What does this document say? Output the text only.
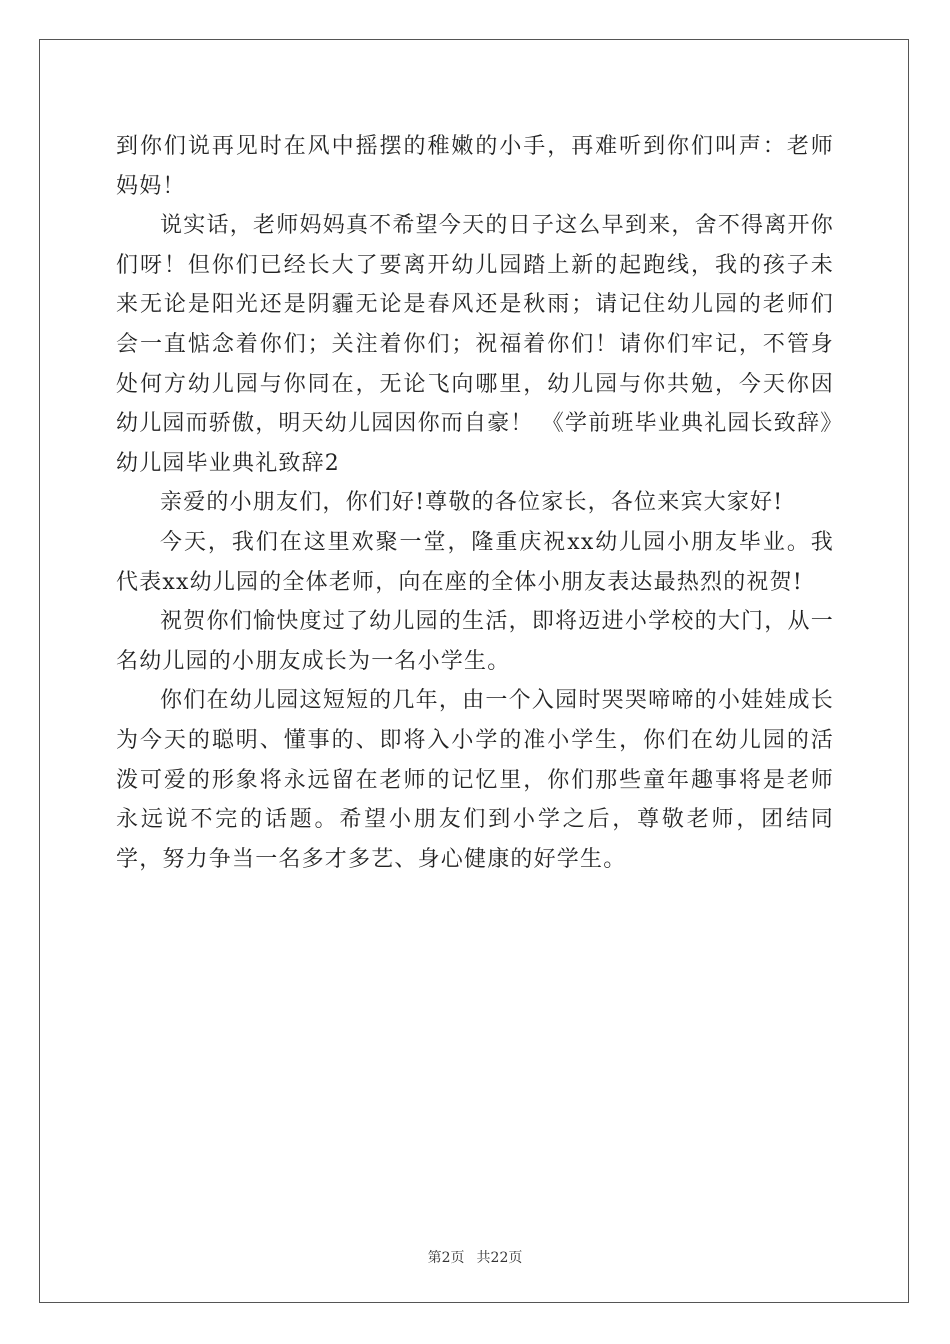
到你们说再见时在风中摇摆的稚嫩的小手，再难听到你们叫声：老师妈妈！

说实话，老师妈妈真不希望今天的日子这么早到来，舍不得离开你们呀！但你们已经长大了要离开幼儿园踏上新的起跑线，我的孩子未来无论是阳光还是阴霾无论是春风还是秋雨；请记住幼儿园的老师们会一直惦念着你们；关注着你们；祝福着你们！请你们牢记，不管身处何方幼儿园与你同在，无论飞向哪里，幼儿园与你共勉，今天你因幼儿园而骄傲，明天幼儿园因你而自豪！ 《学前班毕业典礼园长致辞》

幼儿园毕业典礼致辞2

亲爱的小朋友们，你们好!尊敬的各位家长，各位来宾大家好!

今天，我们在这里欢聚一堂，隆重庆祝xx幼儿园小朋友毕业。我代表xx幼儿园的全体老师，向在座的全体小朋友表达最热烈的祝贺!

祝贺你们愉快度过了幼儿园的生活，即将迈进小学校的大门，从一名幼儿园的小朋友成长为一名小学生。

你们在幼儿园这短短的几年，由一个入园时哭哭啼啼的小娃娃成长为今天的聪明、懂事的、即将入小学的准小学生，你们在幼儿园的活泼可爱的形象将永远留在老师的记忆里，你们那些童年趣事将是老师永远说不完的话题。希望小朋友们到小学之后，尊敬老师，团结同学，努力争当一名多才多艺、身心健康的好学生。

第2页 共22页
